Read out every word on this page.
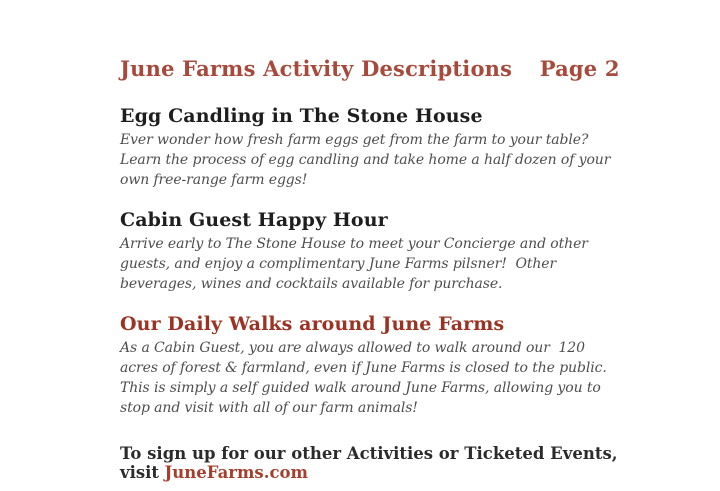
June Farms Activity Descriptions Page 2
Egg Candling in The Stone House

Ever wonder how fresh farm eggs get from the farm to your table?  Learn the process of egg candling and take home a half dozen of your own free-range farm eggs!

Cabin Guest Happy Hour

Arrive early to The Stone House to meet your Concierge and other guests, and enjoy a complimentary June Farms pilsner!  Other beverages, wines and cocktails available for purchase.

Our Daily Walks around June Farms

As a Cabin Guest, you are always allowed to walk around our  120 acres of forest & farmland, even if June Farms is closed to the public.

This is simply a self guided walk around June Farms, allowing you to stop and visit with all of our farm animals!

To sign up for our other Activities or Ticketed Events, visit JuneFarms.com
